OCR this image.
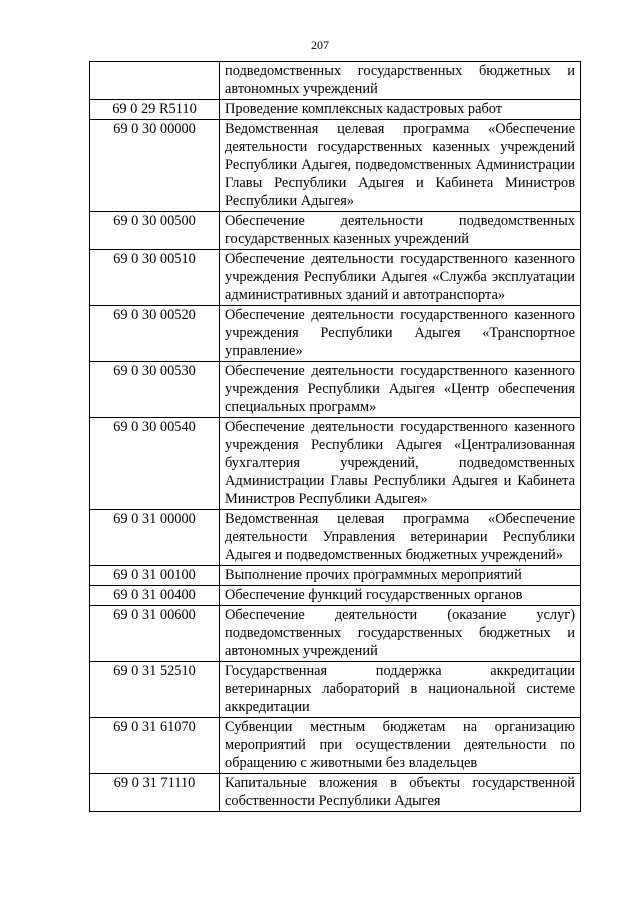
207
	подведомственных государственных бюджетных и автономных учреждений
69 0 29 R5110	Проведение комплексных кадастровых работ
69 0 30 00000	Ведомственная целевая программа «Обеспечение деятельности государственных казенных учреждений Республики Адыгея, подведомственных Администрации Главы Республики Адыгея и Кабинета Министров Республики Адыгея»
69 0 30 00500	Обеспечение деятельности подведомственных государственных казенных учреждений
69 0 30 00510	Обеспечение деятельности государственного казенного учреждения Республики Адыгея «Служба эксплуатации административных зданий и автотранспорта»
69 0 30 00520	Обеспечение деятельности государственного казенного учреждения Республики Адыгея «Транспортное управление»
69 0 30 00530	Обеспечение деятельности государственного казенного учреждения Республики Адыгея «Центр обеспечения специальных программ»
69 0 30 00540	Обеспечение деятельности государственного казенного учреждения Республики Адыгея «Централизованная бухгалтерия учреждений, подведомственных Администрации Главы Республики Адыгея и Кабинета Министров Республики Адыгея»
69 0 31 00000	Ведомственная целевая программа «Обеспечение деятельности Управления ветеринарии Республики Адыгея и подведомственных бюджетных учреждений»
69 0 31 00100	Выполнение прочих программных мероприятий
69 0 31 00400	Обеспечение функций государственных органов
69 0 31 00600	Обеспечение деятельности (оказание услуг) подведомственных государственных бюджетных и автономных учреждений
69 0 31 52510	Государственная поддержка аккредитации ветеринарных лабораторий в национальной системе аккредитации
69 0 31 61070	Субвенции местным бюджетам на организацию мероприятий при осуществлении деятельности по обращению с животными без владельцев
69 0 31 71110	Капитальные вложения в объекты государственной собственности Республики Адыгея
